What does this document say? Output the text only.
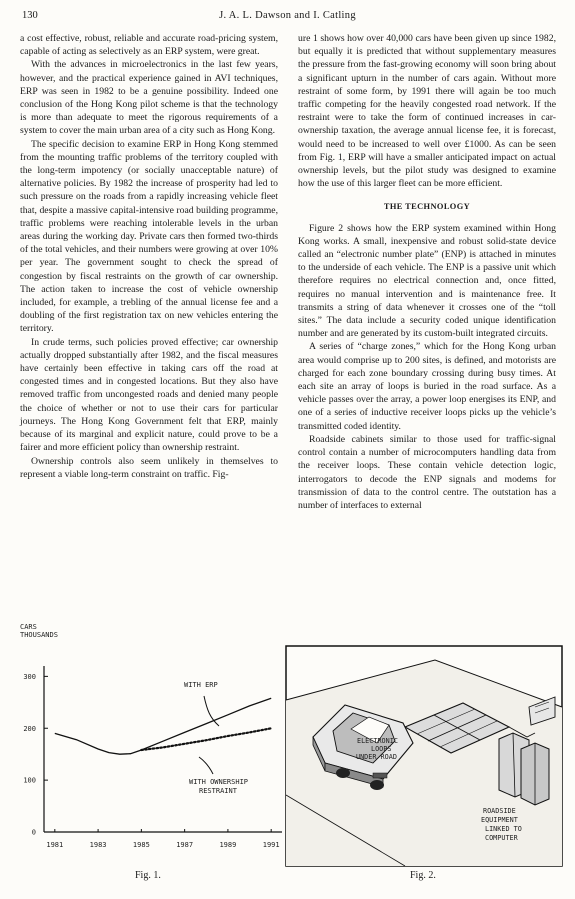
130	J. A. L. Dawson and I. Catling

a cost effective, robust, reliable and accurate road-pricing system, capable of acting as selectively as an ERP system, were great.

With the advances in microelectronics in the last few years, however, and the practical experience gained in AVI techniques, ERP was seen in 1982 to be a genuine possibility. Indeed one conclusion of the Hong Kong pilot scheme is that the technology is more than adequate to meet the rigorous requirements of a system to cover the main urban area of a city such as Hong Kong.

The specific decision to examine ERP in Hong Kong stemmed from the mounting traffic problems of the territory coupled with the long-term impotency (or socially unacceptable nature) of alternative policies. By 1982 the increase of prosperity had led to such pressure on the roads from a rapidly increasing vehicle fleet that, despite a massive capital-intensive road building programme, traffic problems were reaching intolerable levels in the urban areas during the working day. Private cars then formed two-thirds of the total vehicles, and their numbers were growing at over 10% per year. The government sought to check the spread of congestion by fiscal restraints on the growth of car ownership. The action taken to increase the cost of vehicle ownership included, for example, a trebling of the annual license fee and a doubling of the first registration tax on new vehicles entering the territory.

In crude terms, such policies proved effective; car ownership actually dropped substantially after 1982, and the fiscal measures have certainly been effective in taking cars off the road at congested times and in congested locations. But they also have removed traffic from uncongested roads and denied many people the choice of whether or not to use their cars for particular journeys. The Hong Kong Government felt that ERP, mainly because of its marginal and explicit nature, could prove to be a fairer and more efficient policy than ownership restraint.

Ownership controls also seem unlikely in themselves to represent a viable long-term constraint on traffic. Fig-

ure 1 shows how over 40,000 cars have been given up since 1982, but equally it is predicted that without supplementary measures the pressure from the fast-growing economy will soon bring about a significant upturn in the number of cars again. Without more restraint of some form, by 1991 there will again be too much traffic competing for the heavily congested road network. If the restraint were to take the form of continued increases in car-ownership taxation, the average annual license fee, it is forecast, would need to be increased to well over £1000. As can be seen from Fig. 1, ERP will have a smaller anticipated impact on actual ownership levels, but the pilot study was designed to examine how the use of this larger fleet can be more efficient.

THE TECHNOLOGY

Figure 2 shows how the ERP system examined within Hong Kong works. A small, inexpensive and robust solid-state device called an “electronic number plate” (ENP) is attached in minutes to the underside of each vehicle. The ENP is a passive unit which therefore requires no electrical connection and, once fitted, requires no manual intervention and is maintenance free. It transmits a string of data whenever it crosses one of the “toll sites.” The data include a security coded unique identification number and are generated by its custom-built integrated circuits.

A series of “charge zones,” which for the Hong Kong urban area would comprise up to 200 sites, is defined, and motorists are charged for each zone boundary crossing during busy times. At each site an array of loops is buried in the road surface. As a vehicle passes over the array, a power loop energises its ENP, and one of a series of inductive receiver loops picks up the vehicle’s transmitted coded identity.

Roadside cabinets similar to those used for traffic-signal control contain a number of microcomputers handling data from the receiver loops. These contain vehicle detection logic, interrogators to decode the ENP signals and modems for transmission of data to the control centre. The outstation has a number of interfaces to external

CARS
THOUSANDS
0
100
200
300
1981	1983	1985	1987	1989	1991
WITH ERP
WITH OWNERSHIP
RESTRAINT
Fig. 1.
ELECTRONIC
LOOPS
UNDER ROAD
ROADSIDE
EQUIPMENT
LINKED TO
COMPUTER
Fig. 2.
